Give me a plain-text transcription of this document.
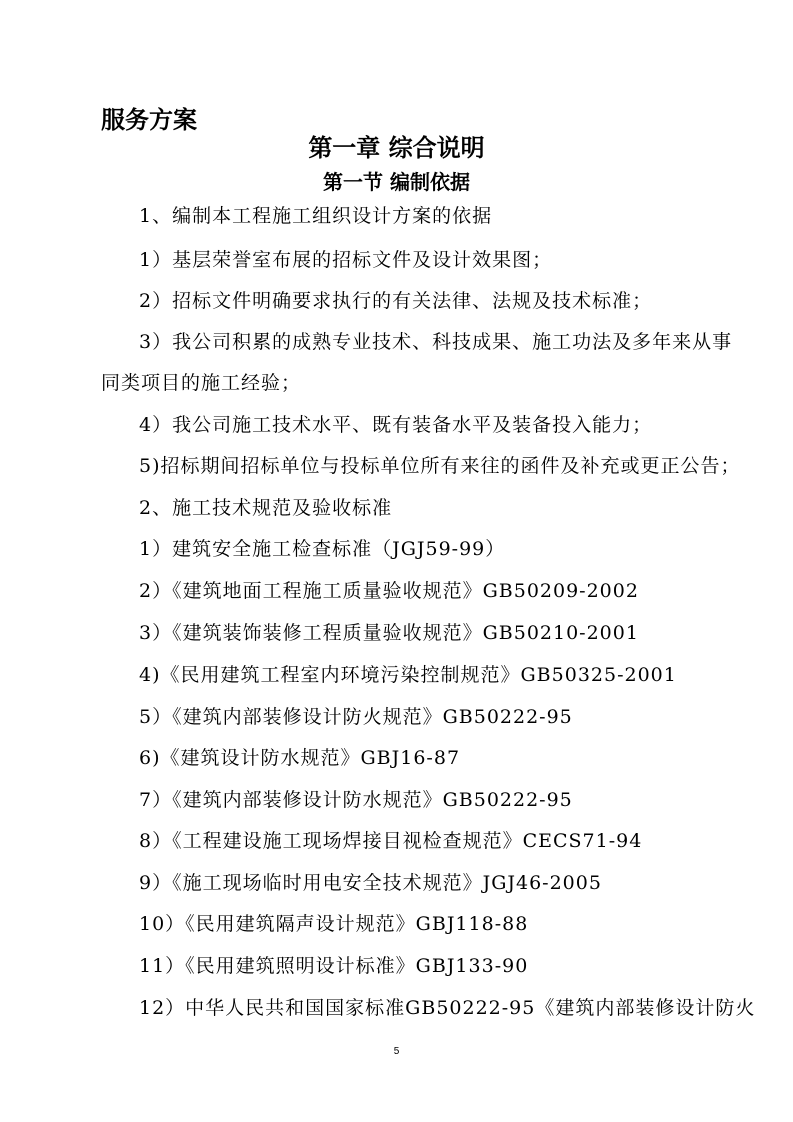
服务方案
第一章 综合说明
第一节 编制依据
1、编制本工程施工组织设计方案的依据
1）基层荣誉室布展的招标文件及设计效果图；
2）招标文件明确要求执行的有关法律、法规及技术标准；
3）我公司积累的成熟专业技术、科技成果、施工功法及多年来从事
同类项目的施工经验；
4）我公司施工技术水平、既有装备水平及装备投入能力；
5)招标期间招标单位与投标单位所有来往的函件及补充或更正公告；
2、施工技术规范及验收标准
1）建筑安全施工检查标准（JGJ59-99）
2）《建筑地面工程施工质量验收规范》GB50209-2002
3）《建筑装饰装修工程质量验收规范》GB50210-2001
4)《民用建筑工程室内环境污染控制规范》GB50325-2001
5）《建筑内部装修设计防火规范》GB50222-95
6)《建筑设计防水规范》GBJ16-87
7）《建筑内部装修设计防水规范》GB50222-95
8）《工程建设施工现场焊接目视检查规范》CECS71-94
9）《施工现场临时用电安全技术规范》JGJ46-2005
10）《民用建筑隔声设计规范》GBJ118-88
11）《民用建筑照明设计标准》GBJ133-90
12）中华人民共和国国家标准GB50222-95《建筑内部装修设计防火
5
